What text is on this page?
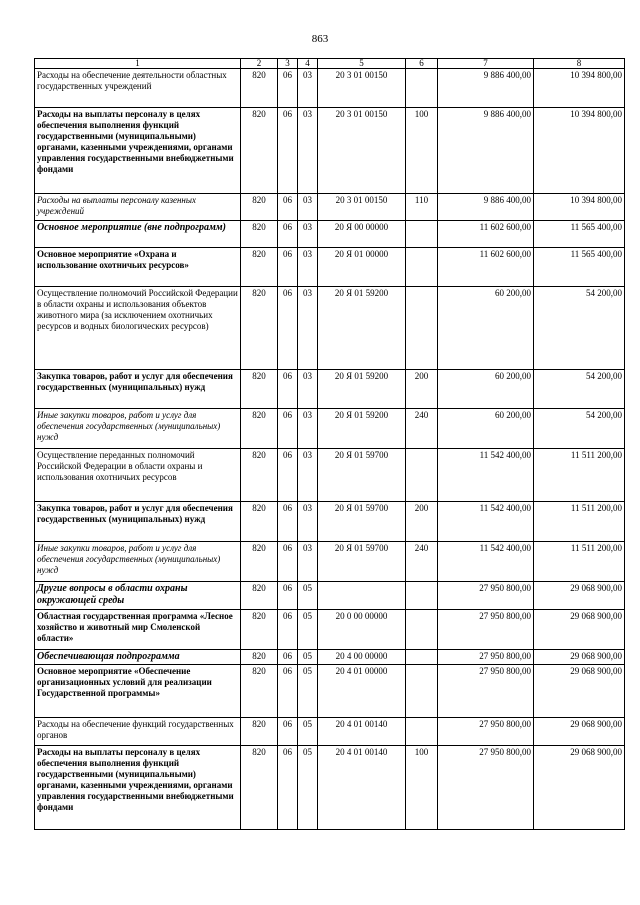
863
1	2	3	4	5	6	7	8
Расходы на обеспечение деятельности областных государственных учреждений	820	06	03	20 3 01 00150		9 886 400,00	10 394 800,00
Расходы на выплаты персоналу в целях обеспечения выполнения функций государственными (муниципальными) органами, казенными учреждениями, органами управления государственными внебюджетными фондами	820	06	03	20 3 01 00150	100	9 886 400,00	10 394 800,00
Расходы на выплаты персоналу казенных учреждений	820	06	03	20 3 01 00150	110	9 886 400,00	10 394 800,00
Основное мероприятие (вне подпрограмм)	820	06	03	20 Я 00 00000		11 602 600,00	11 565 400,00
Основное мероприятие «Охрана и использование охотничьих ресурсов»	820	06	03	20 Я 01 00000		11 602 600,00	11 565 400,00
Осуществление полномочий Российской Федерации в области охраны и использования объектов животного мира (за исключением охотничьих ресурсов и водных биологических ресурсов)	820	06	03	20 Я 01 59200		60 200,00	54 200,00
Закупка товаров, работ и услуг для обеспечения государственных (муниципальных) нужд	820	06	03	20 Я 01 59200	200	60 200,00	54 200,00
Иные закупки товаров, работ и услуг для обеспечения государственных (муниципальных) нужд	820	06	03	20 Я 01 59200	240	60 200,00	54 200,00
Осуществление переданных полномочий Российской Федерации в области охраны и использования охотничьих ресурсов	820	06	03	20 Я 01 59700		11 542 400,00	11 511 200,00
Закупка товаров, работ и услуг для обеспечения государственных (муниципальных) нужд	820	06	03	20 Я 01 59700	200	11 542 400,00	11 511 200,00
Иные закупки товаров, работ и услуг для обеспечения государственных (муниципальных) нужд	820	06	03	20 Я 01 59700	240	11 542 400,00	11 511 200,00
Другие вопросы в области охраны окружающей среды	820	06	05			27 950 800,00	29 068 900,00
Областная государственная программа «Лесное хозяйство и животный мир Смоленской области»	820	06	05	20 0 00 00000		27 950 800,00	29 068 900,00
Обеспечивающая подпрограмма	820	06	05	20 4 00 00000		27 950 800,00	29 068 900,00
Основное мероприятие «Обеспечение организационных условий для реализации Государственной программы»	820	06	05	20 4 01 00000		27 950 800,00	29 068 900,00
Расходы на обеспечение функций государственных органов	820	06	05	20 4 01 00140		27 950 800,00	29 068 900,00
Расходы на выплаты персоналу в целях обеспечения выполнения функций государственными (муниципальными) органами, казенными учреждениями, органами управления государственными внебюджетными фондами	820	06	05	20 4 01 00140	100	27 950 800,00	29 068 900,00
